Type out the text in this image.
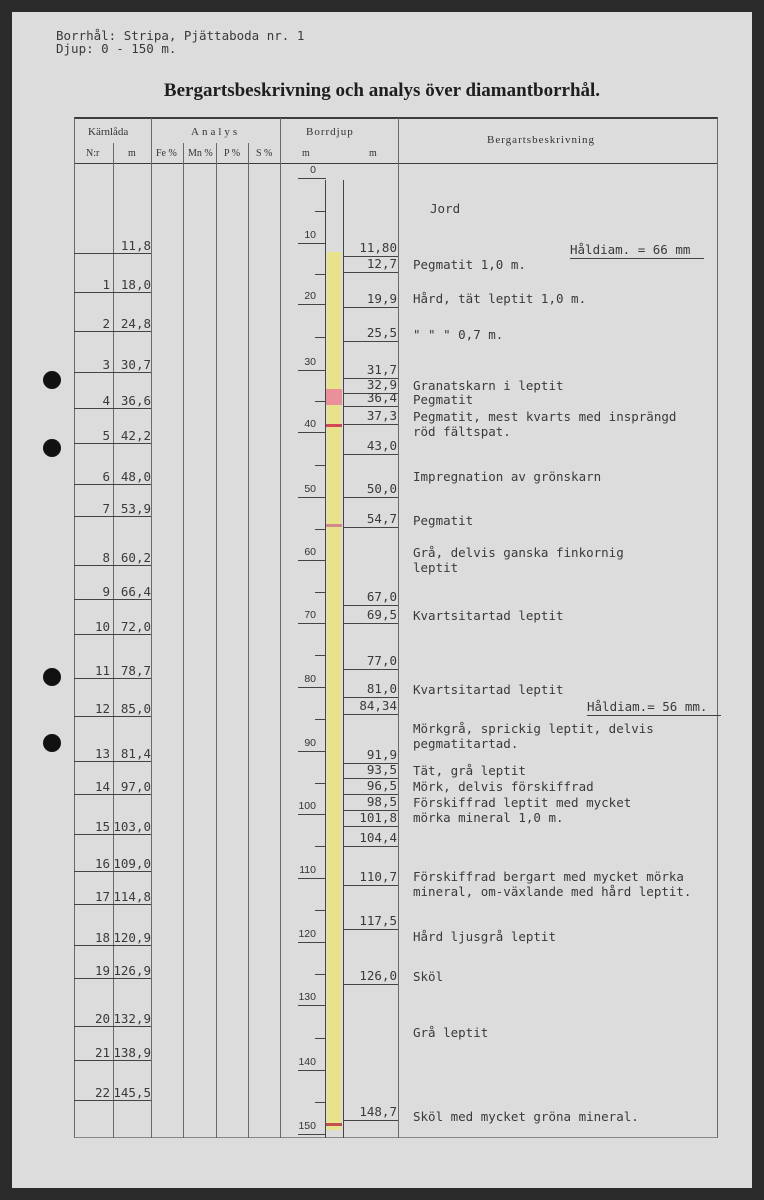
Borrhål: Stripa, Pjättaboda nr. 1
Djup: 0 - 150 m.
Bergartsbeskrivning och analys över diamantborrhål.
Kärnlåda
N:r	m
Analys
Fe % Mn % P % S %
Borrdjup
m	m
Bergartsbeskrivning
0
10
20
30
40
50
60
70
80
90
100
110
120
130
140
150
11,8
1 18,0
2 24,8
3 30,7
4 36,6
5 42,2
6 48,0
7 53,9
8 60,2
9 66,4
10 72,0
11 78,7
12 85,0
13 81,4
14 97,0
15 103,0
16 109,0
17 114,8
18 120,9
19 126,9
20 132,9
21 138,9
22 145,5
11,80
12,7
19,9
25,5
31,7
32,9
36,4
37,3
43,0
50,0
54,7
67,0
69,5
77,0
81,0
84,34
91,9
93,5
96,5
98,5
101,8
104,4
110,7
117,5
126,0
148,7
Jord
Håldiam. = 66 mm
Pegmatit 1,0 m.
Hård, tät leptit 1,0 m.
" " " 0,7 m.
Granatskarn i leptit
Pegmatit
Pegmatit, mest kvarts med insprängd
röd fältspat.
Impregnation av grönskarn
Pegmatit
Grå, delvis ganska finkornig
leptit
Kvartsitartad leptit
Kvartsitartad leptit
Håldiam.= 56 mm.
Mörkgrå, sprickig leptit, delvis
pegmatitartad.
Tät, grå leptit
Mörk, delvis förskiffrad
Förskiffrad leptit med mycket
mörka mineral 1,0 m.
Förskiffrad bergart med mycket mörka
mineral, om-växlande med hård leptit.
Hård ljusgrå leptit
Sköl
Grå leptit
Sköl med mycket gröna mineral.
